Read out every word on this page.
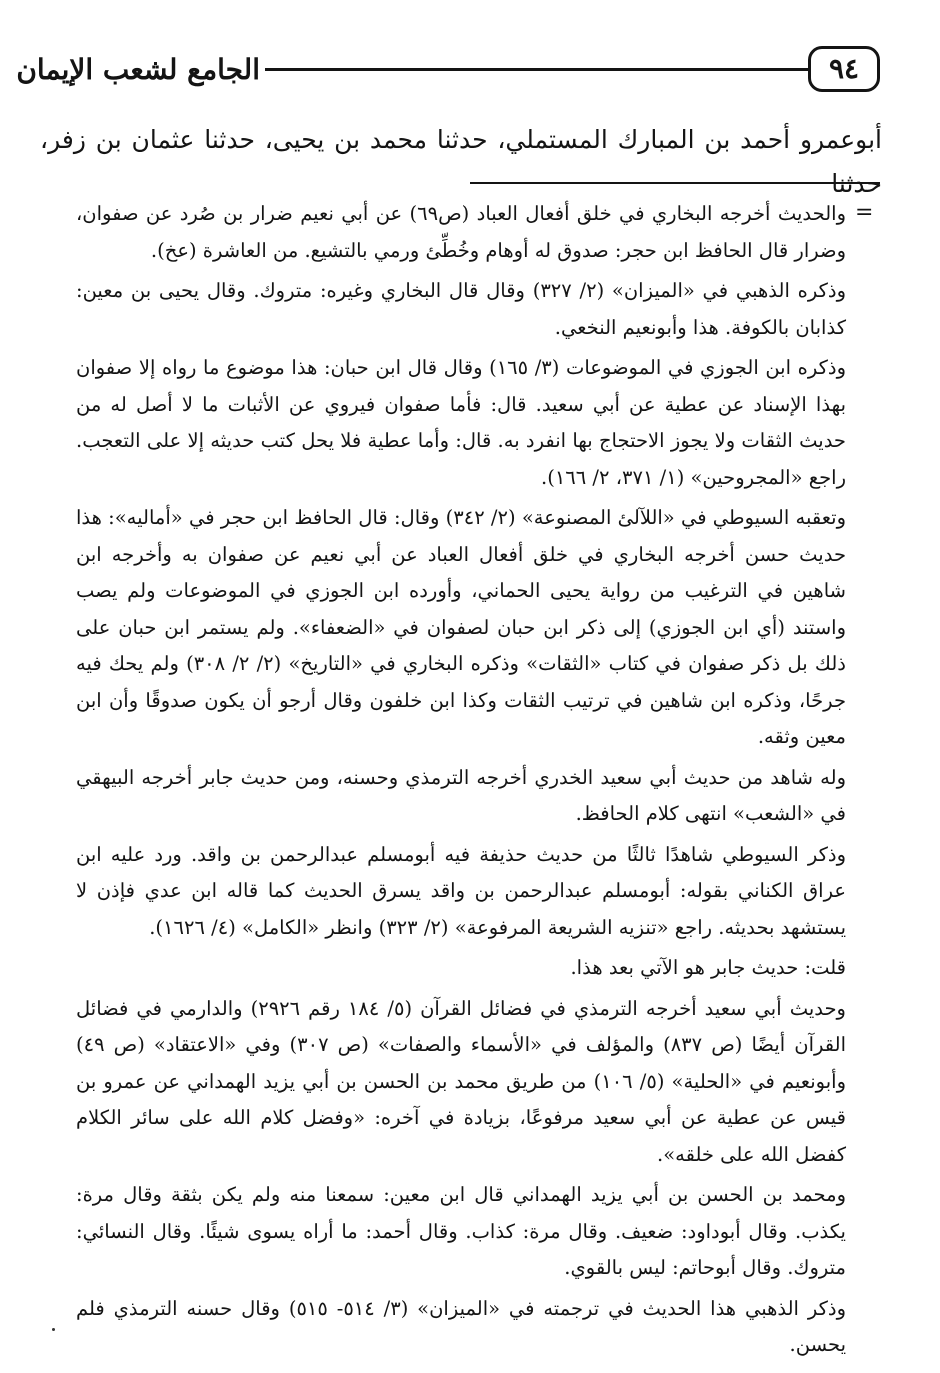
الجامع لشعب الإيمان	٩٤
أبوعمرو أحمد بن المبارك المستملي، حدثنا محمد بن يحيى، حدثنا عثمان بن زفر، حدثنا
=

والحديث أخرجه البخاري في خلق أفعال العباد (ص٦٩) عن أبي نعيم ضرار بن صُرد عن صفوان، وضرار قال الحافظ ابن حجر: صدوق له أوهام وخُطِّئ ورمي بالتشيع. من العاشرة (عخ).

وذكره الذهبي في «الميزان» (٢/ ٣٢٧) وقال قال البخاري وغيره: متروك. وقال يحيى بن معين: كذابان بالكوفة. هذا وأبونعيم النخعي.

وذكره ابن الجوزي في الموضوعات (٣/ ١٦٥) وقال قال ابن حبان: هذا موضوع ما رواه إلا صفوان بهذا الإسناد عن عطية عن أبي سعيد. قال: فأما صفوان فيروي عن الأثبات ما لا أصل له من حديث الثقات ولا يجوز الاحتجاج بها انفرد به. قال: وأما عطية فلا يحل كتب حديثه إلا على التعجب. راجع «المجروحين» (١/ ٣٧١، ٢/ ١٦٦).

وتعقبه السيوطي في «اللآلئ المصنوعة» (٢/ ٣٤٢) وقال: قال الحافظ ابن حجر في «أماليه»: هذا حديث حسن أخرجه البخاري في خلق أفعال العباد عن أبي نعيم عن صفوان به وأخرجه ابن شاهين في الترغيب من رواية يحيى الحماني، وأورده ابن الجوزي في الموضوعات ولم يصب واستند (أي ابن الجوزي) إلى ذكر ابن حبان لصفوان في «الضعفاء». ولم يستمر ابن حبان على ذلك بل ذكر صفوان في كتاب «الثقات» وذكره البخاري في «التاريخ» (٢/ ٢/ ٣٠٨) ولم يحك فيه جرحًا، وذكره ابن شاهين في ترتيب الثقات وكذا ابن خلفون وقال أرجو أن يكون صدوقًا وأن ابن معين وثقه.

وله شاهد من حديث أبي سعيد الخدري أخرجه الترمذي وحسنه، ومن حديث جابر أخرجه البيهقي في «الشعب» انتهى كلام الحافظ.

وذكر السيوطي شاهدًا ثالثًا من حديث حذيفة فيه أبومسلم عبدالرحمن بن واقد. ورد عليه ابن عراق الكناني بقوله: أبومسلم عبدالرحمن بن واقد يسرق الحديث كما قاله ابن عدي فإذن لا يستشهد بحديثه. راجع «تنزيه الشريعة المرفوعة» (٢/ ٣٢٣) وانظر «الكامل» (٤/ ١٦٢٦).

قلت: حديث جابر هو الآتي بعد هذا.

وحديث أبي سعيد أخرجه الترمذي في فضائل القرآن (٥/ ١٨٤ رقم ٢٩٢٦) والدارمي في فضائل القرآن أيضًا (ص ٨٣٧) والمؤلف في «الأسماء والصفات» (ص ٣٠٧) وفي «الاعتقاد» (ص ٤٩) وأبونعيم في «الحلية» (٥/ ١٠٦) من طريق محمد بن الحسن بن أبي يزيد الهمداني عن عمرو بن قيس عن عطية عن أبي سعيد مرفوعًا، بزيادة في آخره: «وفضل كلام الله على سائر الكلام كفضل الله على خلقه».

ومحمد بن الحسن بن أبي يزيد الهمداني قال ابن معين: سمعنا منه ولم يكن بثقة وقال مرة: يكذب. وقال أبوداود: ضعيف. وقال مرة: كذاب. وقال أحمد: ما أراه يسوى شيئًا. وقال النسائي: متروك. وقال أبوحاتم: ليس بالقوي.

وذكر الذهبي هذا الحديث في ترجمته في «الميزان» (٣/ ٥١٤- ٥١٥) وقال حسنه الترمذي فلم يحسن.
